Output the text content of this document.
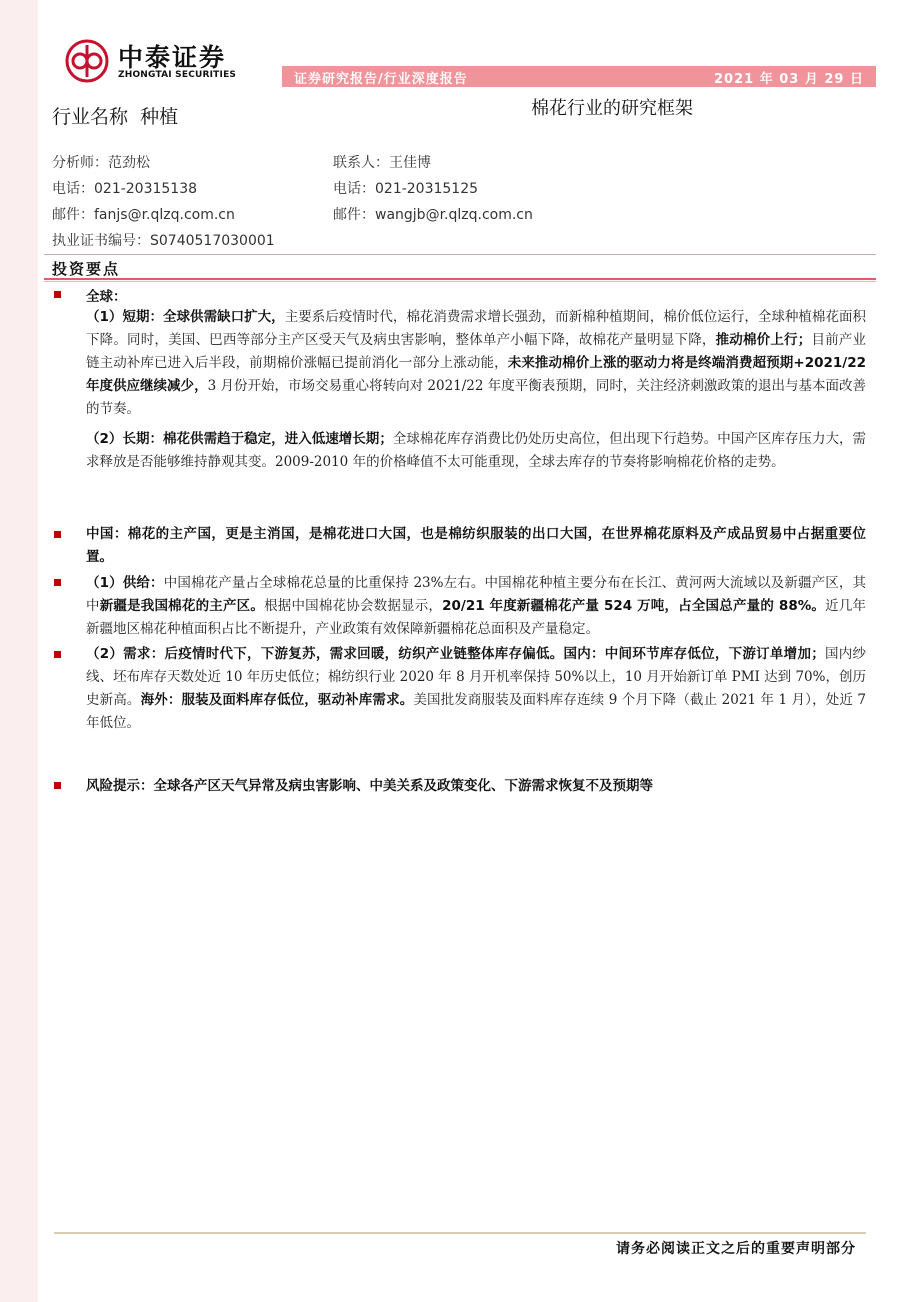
中泰证券
ZHONGTAI SECURITIES	证券研究报告/行业深度报告	2021 年 03 月 29 日
行业名称  种植	棉花行业的研究框架
分析师：范劲松
电话：021-20315138
邮件：fanjs@r.qlzq.com.cn
执业证书编号：S0740517030001
联系人：王佳博
电话：021-20315125
邮件：wangjb@r.qlzq.com.cn
投资要点
全球：
（1）短期：全球供需缺口扩大，主要系后疫情时代，棉花消费需求增长强劲，而新棉种植期间，棉价低位运行，全球种植棉花面积下降。同时，美国、巴西等部分主产区受天气及病虫害影响，整体单产小幅下降，故棉花产量明显下降，推动棉价上行；目前产业链主动补库已进入后半段，前期棉价涨幅已提前消化一部分上涨动能，未来推动棉价上涨的驱动力将是终端消费超预期+2021/22 年度供应继续减少，3 月份开始，市场交易重心将转向对 2021/22 年度平衡表预期，同时，关注经济刺激政策的退出与基本面改善的节奏。
（2）长期：棉花供需趋于稳定，进入低速增长期；全球棉花库存消费比仍处历史高位，但出现下行趋势。中国产区库存压力大，需求释放是否能够维持静观其变。2009-2010 年的价格峰值不太可能重现，全球去库存的节奏将影响棉花价格的走势。
中国：棉花的主产国，更是主消国，是棉花进口大国，也是棉纺织服装的出口大国，在世界棉花原料及产成品贸易中占据重要位置。
（1）供给：中国棉花产量占全球棉花总量的比重保持 23%左右。中国棉花种植主要分布在长江、黄河两大流域以及新疆产区，其中新疆是我国棉花的主产区。根据中国棉花协会数据显示，20/21 年度新疆棉花产量 524 万吨，占全国总产量的 88%。近几年新疆地区棉花种植面积占比不断提升，产业政策有效保障新疆棉花总面积及产量稳定。
（2）需求：后疫情时代下，下游复苏，需求回暖，纺织产业链整体库存偏低。国内：中间环节库存低位，下游订单增加；国内纱线、坯布库存天数处近 10 年历史低位；棉纺织行业 2020 年 8 月开机率保持 50%以上，10 月开始新订单 PMI 达到 70%，创历史新高。海外：服装及面料库存低位，驱动补库需求。美国批发商服装及面料库存连续 9 个月下降（截止 2021 年 1 月），处近 7 年低位。
风险提示：全球各产区天气异常及病虫害影响、中美关系及政策变化、下游需求恢复不及预期等
请务必阅读正文之后的重要声明部分
